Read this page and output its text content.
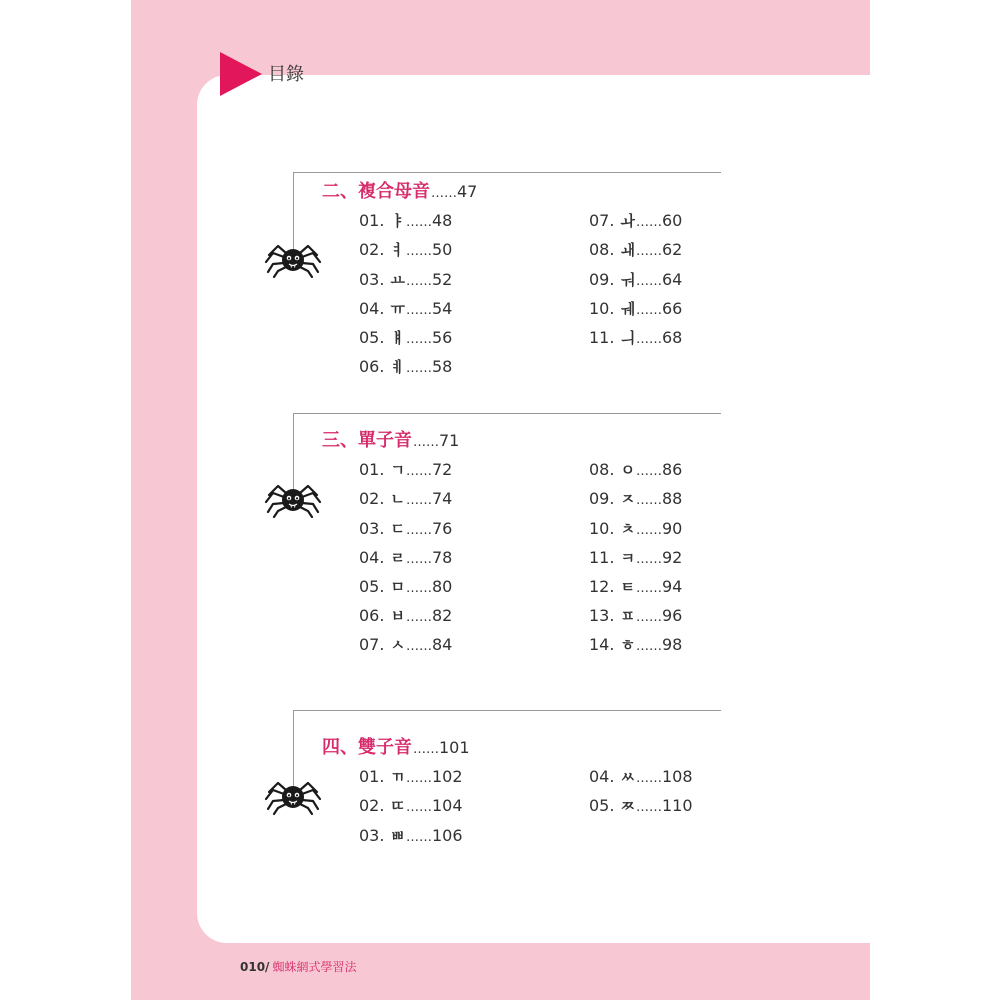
目錄
二、複合母音……47
01. ㅑ……48
02. ㅕ……50
03. ㅛ……52
04. ㅠ……54
05. ㅒ……56
06. ㅖ……58
07. ㅘ……60
08. ㅙ……62
09. ㅝ……64
10. ㅞ……66
11. ㅢ……68
三、單子音……71
01. ㄱ……72
02. ㄴ……74
03. ㄷ……76
04. ㄹ……78
05. ㅁ……80
06. ㅂ……82
07. ㅅ……84
08. ㅇ……86
09. ㅈ……88
10. ㅊ……90
11. ㅋ……92
12. ㅌ……94
13. ㅍ……96
14. ㅎ……98
四、雙子音……101
01. ㄲ……102
02. ㄸ……104
03. ㅃ……106
04. ㅆ……108
05. ㅉ……110
010/ 蜘蛛網式學習法
